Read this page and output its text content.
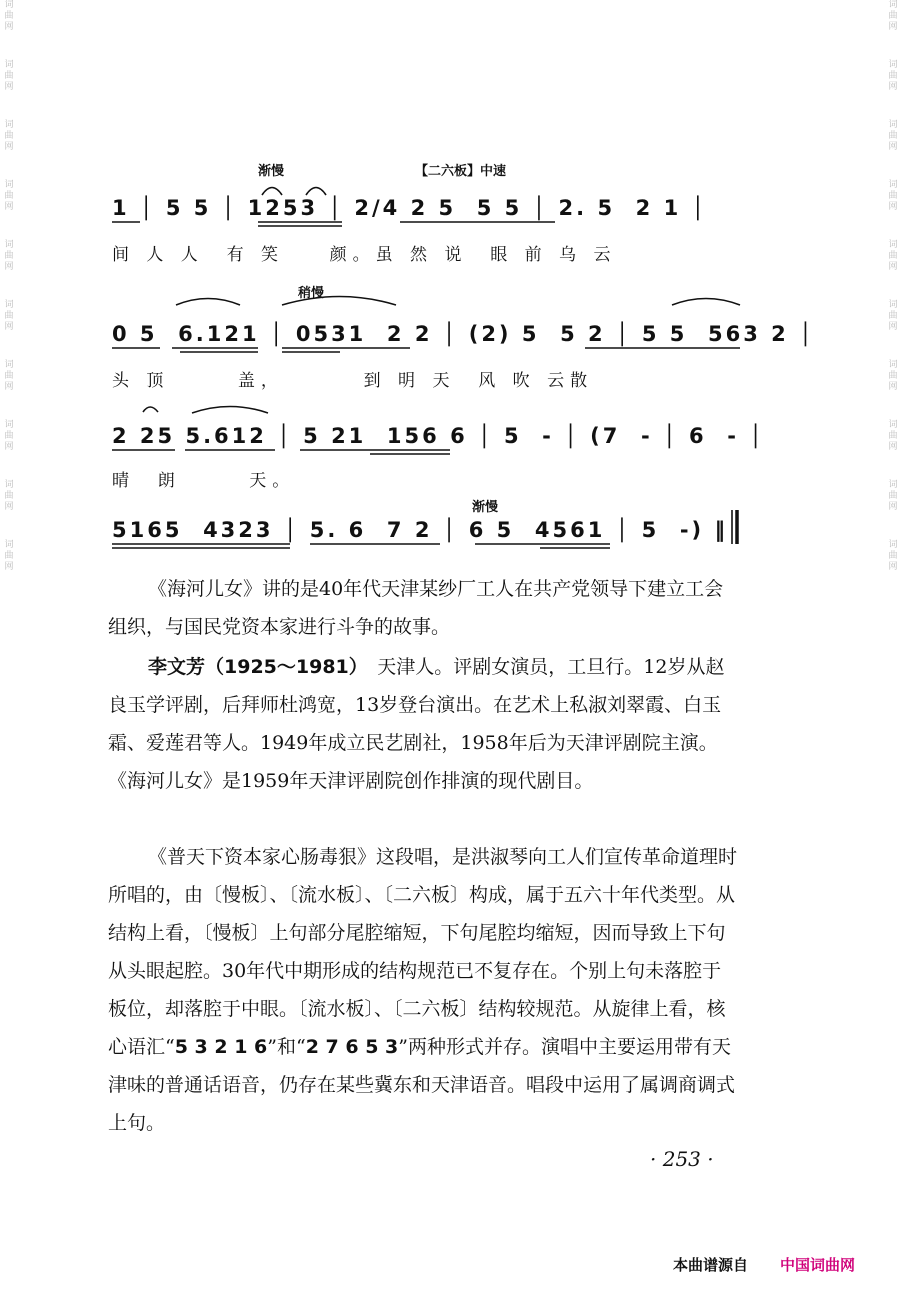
词 曲 网
词 曲 网
词 曲 网
词 曲 网
词 曲 网
词 曲 网
词 曲 网
词 曲 网
词 曲 网
词 曲 网
词 曲 网
词 曲 网
词 曲 网
词 曲 网
词 曲 网
词 曲 网
词 曲 网
词 曲 网
词 曲 网
词 曲 网
渐慢	【二六板】中速
1 │ 5 5 │ 1253 │ 2/4 2 5  5 5 │ 2. 5  2 1 │
间 人 人  有 笑    颜。虽 然 说  眼 前 乌 云
稍慢
0 5  6.121 │ 0531  2 2 │ (2) 5  5 2 │ 5 5  563 2 │
头 顶      盖，       到 明 天  风 吹 云散
2 25 5.612 │ 5 21  156 6 │ 5  - │ (7  - │ 6  - │
晴  朗      天。
渐慢
5165  4323 │ 5. 6  7 2 │ 6 5  4561 │ 5  -) ‖

《海河儿女》讲的是40年代天津某纱厂工人在共产党领导下建立工会组织，与国民党资本家进行斗争的故事。

李文芳（1925～1981）　天津人。评剧女演员，工旦行。12岁从赵良玉学评剧，后拜师杜鸿宽，13岁登台演出。在艺术上私淑刘翠霞、白玉霜、爱莲君等人。1949年成立民艺剧社，1958年后为天津评剧院主演。《海河儿女》是1959年天津评剧院创作排演的现代剧目。

《普天下资本家心肠毒狠》这段唱，是洪淑琴向工人们宣传革命道理时所唱的，由〔慢板〕、〔流水板〕、〔二六板〕构成，属于五六十年代类型。从结构上看，〔慢板〕上句部分尾腔缩短，下句尾腔均缩短，因而导致上下句从头眼起腔。30年代中期形成的结构规范已不复存在。个别上句未落腔于板位，却落腔于中眼。〔流水板〕、〔二六板〕结构较规范。从旋律上看，核心语汇“5 3 2 1 6”和“2 7 6 5 3”两种形式并存。演唱中主要运用带有天津味的普通话语音，仍存在某些冀东和天津语音。唱段中运用了属调商调式上句。

· 253 ·
本曲谱源自 中国词曲网
